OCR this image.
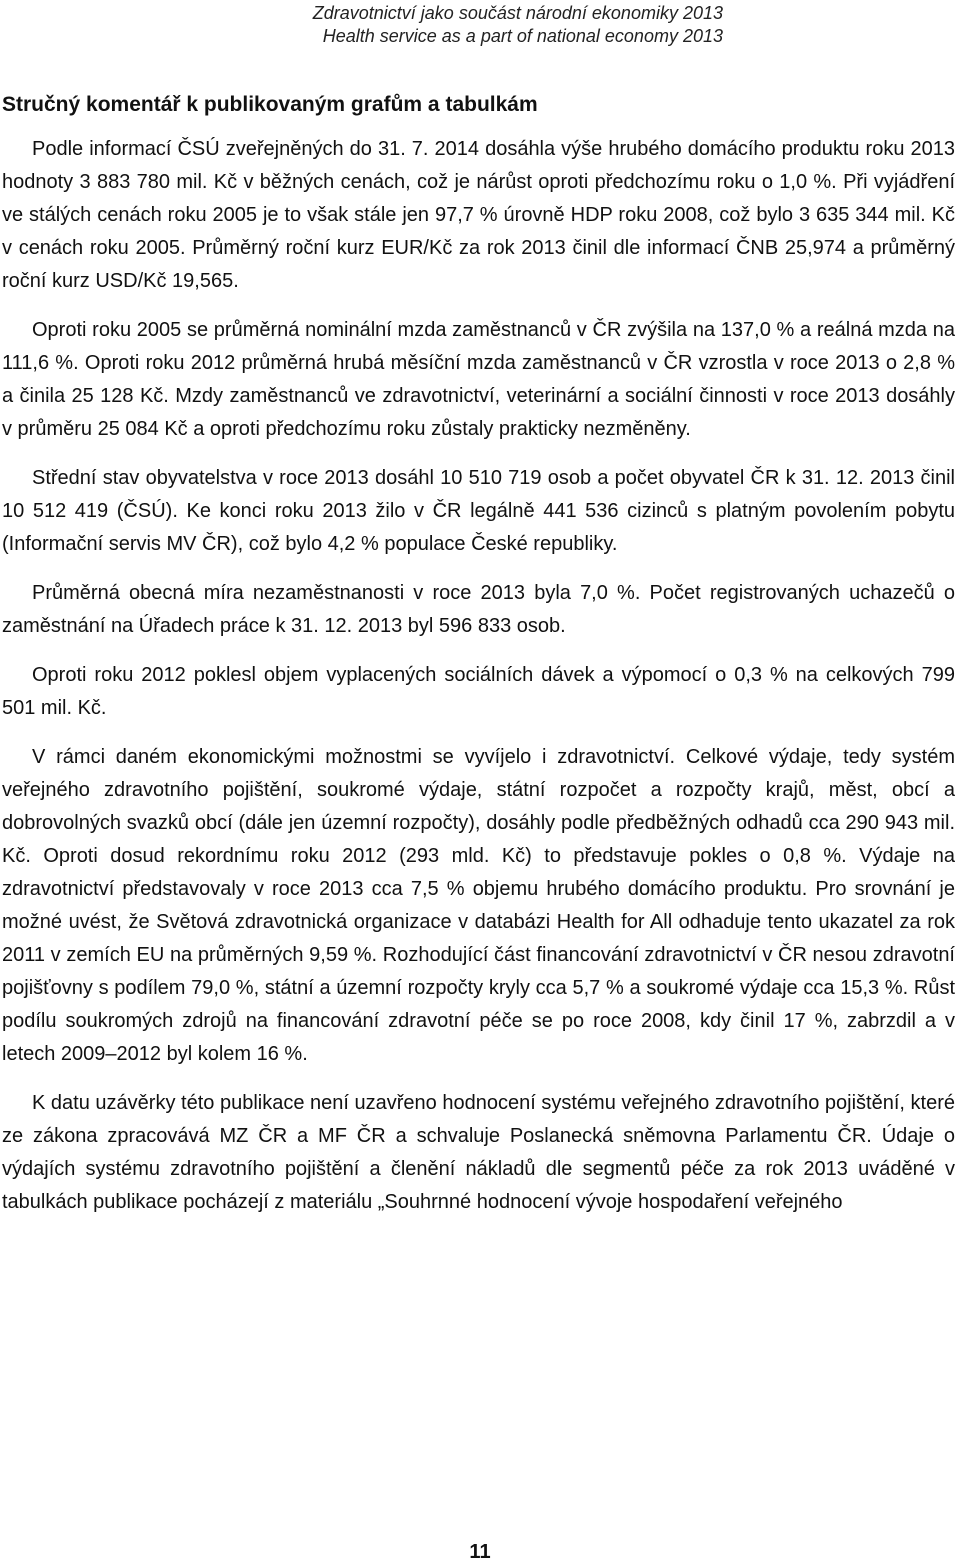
Zdravotnictví jako součást národní ekonomiky 2013
Health service as a part of national economy 2013
Stručný komentář k publikovaným grafům a tabulkám

Podle informací ČSÚ zveřejněných do 31. 7. 2014 dosáhla výše hrubého domácího produktu roku 2013 hodnoty 3 883 780 mil. Kč v běžných cenách, což je nárůst oproti předchozímu roku o 1,0 %. Při vyjádření ve stálých cenách roku 2005 je to však stále jen 97,7 % úrovně HDP roku 2008, což bylo 3 635 344 mil. Kč v cenách roku 2005. Průměrný roční kurz EUR/Kč za rok 2013 činil dle informací ČNB 25,974 a průměrný roční kurz USD/Kč 19,565.

Oproti roku 2005 se průměrná nominální mzda zaměstnanců v ČR zvýšila na 137,0 % a reálná mzda na 111,6 %. Oproti roku 2012 průměrná hrubá měsíční mzda zaměstnanců v ČR vzrostla v roce 2013 o 2,8 % a činila 25 128 Kč. Mzdy zaměstnanců ve zdravotnictví, veterinární a sociální činnosti v roce 2013 dosáhly v průměru 25 084 Kč a oproti předchozímu roku zůstaly prakticky nezměněny.

Střední stav obyvatelstva v roce 2013 dosáhl 10 510 719 osob a počet obyvatel ČR k 31. 12. 2013 činil 10 512 419 (ČSÚ). Ke konci roku 2013 žilo v ČR legálně 441 536 cizinců s platným povolením pobytu (Informační servis MV ČR), což bylo 4,2 % populace České republiky.

Průměrná obecná míra nezaměstnanosti v roce 2013 byla 7,0 %. Počet registrovaných uchazečů o zaměstnání na Úřadech práce k 31. 12. 2013 byl 596 833 osob.

Oproti roku 2012 poklesl objem vyplacených sociálních dávek a výpomocí o 0,3 % na celkových 799 501 mil. Kč.

V rámci daném ekonomickými možnostmi se vyvíjelo i zdravotnictví. Celkové výdaje, tedy systém veřejného zdravotního pojištění, soukromé výdaje, státní rozpočet a rozpočty krajů, měst, obcí a dobrovolných svazků obcí (dále jen územní rozpočty), dosáhly podle předběžných odhadů cca 290 943 mil. Kč. Oproti dosud rekordnímu roku 2012 (293 mld. Kč) to představuje pokles o 0,8 %. Výdaje na zdravotnictví představovaly v roce 2013 cca 7,5 % objemu hrubého domácího produktu. Pro srovnání je možné uvést, že Světová zdravotnická organizace v databázi Health for All odhaduje tento ukazatel za rok 2011 v zemích EU na průměrných 9,59 %. Rozhodující část financování zdravotnictví v ČR nesou zdravotní pojišťovny s podílem 79,0 %, státní a územní rozpočty kryly cca 5,7 % a soukromé výdaje cca 15,3 %. Růst podílu soukromých zdrojů na financování zdravotní péče se po roce 2008, kdy činil 17 %, zabrzdil a v letech 2009–2012 byl kolem 16 %.

K datu uzávěrky této publikace není uzavřeno hodnocení systému veřejného zdravotního pojištění, které ze zákona zpracovává MZ ČR a MF ČR a schvaluje Poslanecká sněmovna Parlamentu ČR. Údaje o výdajích systému zdravotního pojištění a členění nákladů dle segmentů péče za rok 2013 uváděné v tabulkách publikace pocházejí z materiálu „Souhrnné hodnocení vývoje hospodaření veřejného

11
